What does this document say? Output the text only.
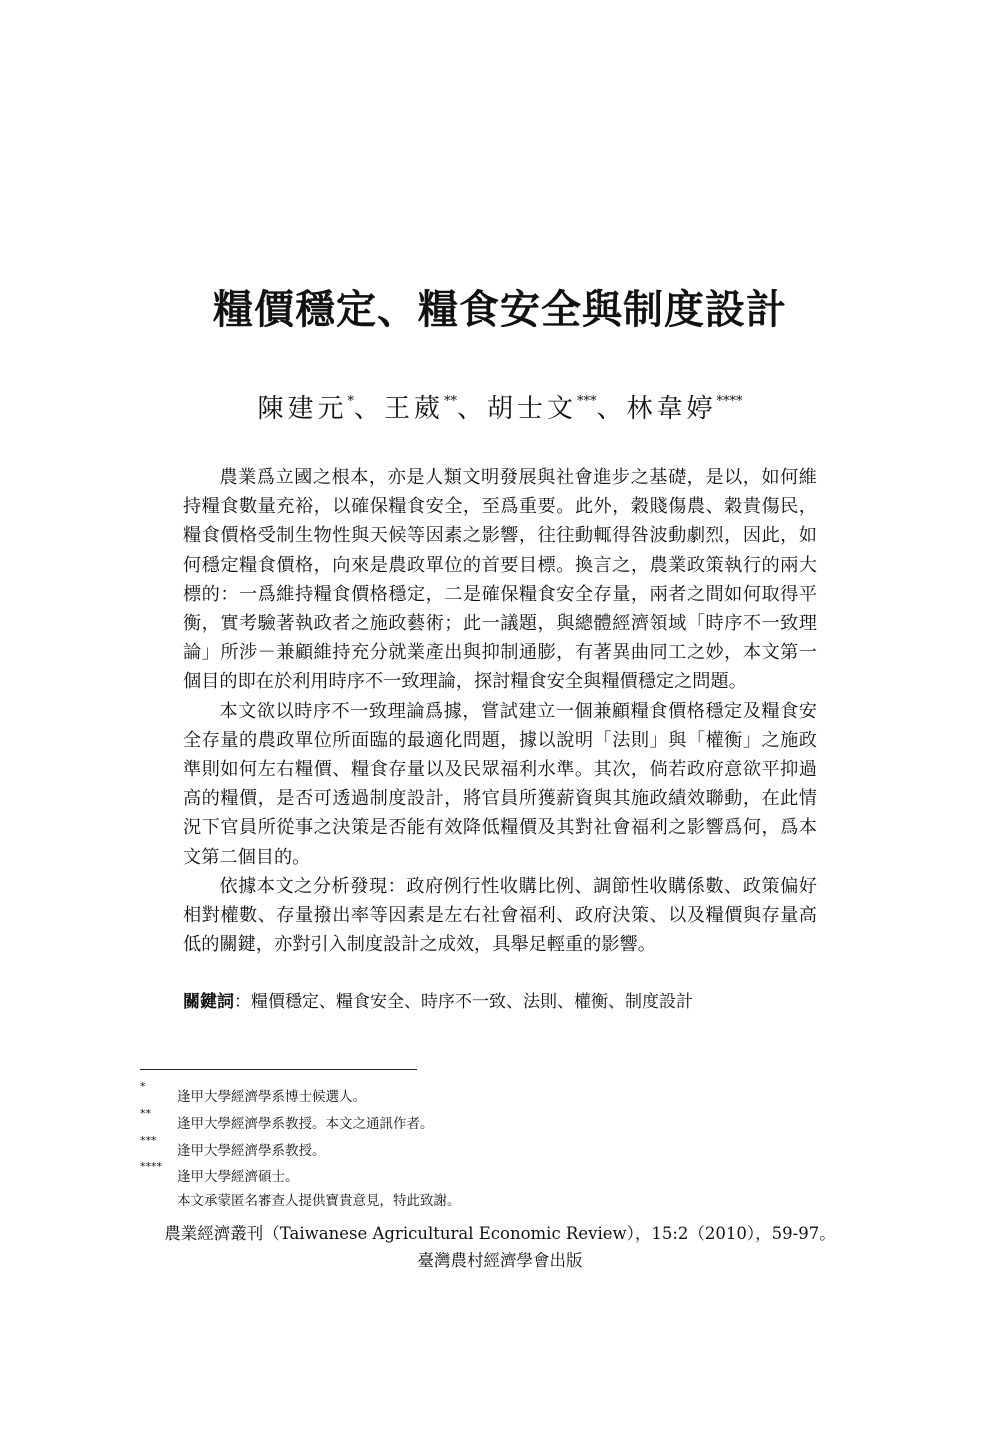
糧價穩定、糧食安全與制度設計
陳建元*、王葳**、胡士文***、林韋婷****

農業爲立國之根本，亦是人類文明發展與社會進步之基礎，是以，如何維持糧食數量充裕，以確保糧食安全，至爲重要。此外，穀賤傷農、穀貴傷民，糧食價格受制生物性與天候等因素之影響，往往動輒得咎波動劇烈，因此，如何穩定糧食價格，向來是農政單位的首要目標。換言之，農業政策執行的兩大標的：一爲維持糧食價格穩定，二是確保糧食安全存量，兩者之間如何取得平衡，實考驗著執政者之施政藝術；此一議題，與總體經濟領域「時序不一致理論」所涉－兼顧維持充分就業產出與抑制通膨，有著異曲同工之妙，本文第一個目的即在於利用時序不一致理論，探討糧食安全與糧價穩定之問題。

本文欲以時序不一致理論爲據，嘗試建立一個兼顧糧食價格穩定及糧食安全存量的農政單位所面臨的最適化問題，據以說明「法則」與「權衡」之施政準則如何左右糧價、糧食存量以及民眾福利水準。其次，倘若政府意欲平抑過高的糧價，是否可透過制度設計，將官員所獲薪資與其施政績效聯動，在此情況下官員所從事之決策是否能有效降低糧價及其對社會福利之影響爲何，爲本文第二個目的。

依據本文之分析發現：政府例行性收購比例、調節性收購係數、政策偏好相對權數、存量撥出率等因素是左右社會福利、政府決策、以及糧價與存量高低的關鍵，亦對引入制度設計之成效，具舉足輕重的影響。

關鍵詞：糧價穩定、糧食安全、時序不一致、法則、權衡、制度設計
*
逢甲大學經濟學系博士候選人。
**
逢甲大學經濟學系教授。本文之通訊作者。
***
逢甲大學經濟學系教授。
****
逢甲大學經濟碩士。
本文承蒙匿名審查人提供寶貴意見，特此致謝。
農業經濟叢刊（Taiwanese Agricultural Economic Review），15:2（2010），59-97。
臺灣農村經濟學會出版
